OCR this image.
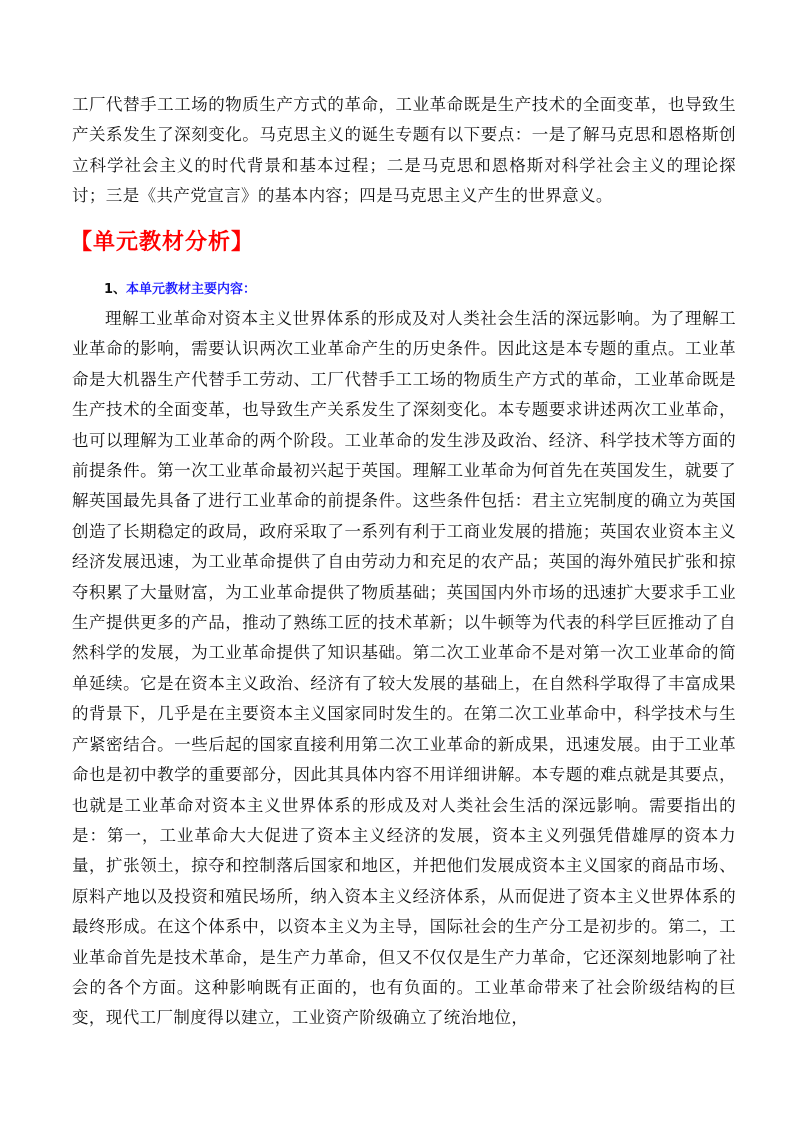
工厂代替手工工场的物质生产方式的革命，工业革命既是生产技术的全面变革，也导致生产关系发生了深刻变化。马克思主义的诞生专题有以下要点：一是了解马克思和恩格斯创立科学社会主义的时代背景和基本过程；二是马克思和恩格斯对科学社会主义的理论探讨；三是《共产党宣言》的基本内容；四是马克思主义产生的世界意义。

【单元教材分析】

1、本单元教材主要内容：

理解工业革命对资本主义世界体系的形成及对人类社会生活的深远影响。为了理解工业革命的影响，需要认识两次工业革命产生的历史条件。因此这是本专题的重点。工业革命是大机器生产代替手工劳动、工厂代替手工工场的物质生产方式的革命，工业革命既是生产技术的全面变革，也导致生产关系发生了深刻变化。本专题要求讲述两次工业革命，也可以理解为工业革命的两个阶段。工业革命的发生涉及政治、经济、科学技术等方面的前提条件。第一次工业革命最初兴起于英国。理解工业革命为何首先在英国发生，就要了解英国最先具备了进行工业革命的前提条件。这些条件包括：君主立宪制度的确立为英国创造了长期稳定的政局，政府采取了一系列有利于工商业发展的措施；英国农业资本主义经济发展迅速，为工业革命提供了自由劳动力和充足的农产品；英国的海外殖民扩张和掠夺积累了大量财富，为工业革命提供了物质基础；英国国内外市场的迅速扩大要求手工业生产提供更多的产品，推动了熟练工匠的技术革新；以牛顿等为代表的科学巨匠推动了自然科学的发展，为工业革命提供了知识基础。第二次工业革命不是对第一次工业革命的简单延续。它是在资本主义政治、经济有了较大发展的基础上，在自然科学取得了丰富成果的背景下，几乎是在主要资本主义国家同时发生的。在第二次工业革命中，科学技术与生产紧密结合。一些后起的国家直接利用第二次工业革命的新成果，迅速发展。由于工业革命也是初中教学的重要部分，因此其具体内容不用详细讲解。本专题的难点就是其要点，也就是工业革命对资本主义世界体系的形成及对人类社会生活的深远影响。需要指出的是：第一，工业革命大大促进了资本主义经济的发展，资本主义列强凭借雄厚的资本力量，扩张领土，掠夺和控制落后国家和地区，并把他们发展成资本主义国家的商品市场、原料产地以及投资和殖民场所，纳入资本主义经济体系，从而促进了资本主义世界体系的最终形成。在这个体系中，以资本主义为主导，国际社会的生产分工是初步的。第二，工业革命首先是技术革命，是生产力革命，但又不仅仅是生产力革命，它还深刻地影响了社会的各个方面。这种影响既有正面的，也有负面的。工业革命带来了社会阶级结构的巨变，现代工厂制度得以建立，工业资产阶级确立了统治地位，
